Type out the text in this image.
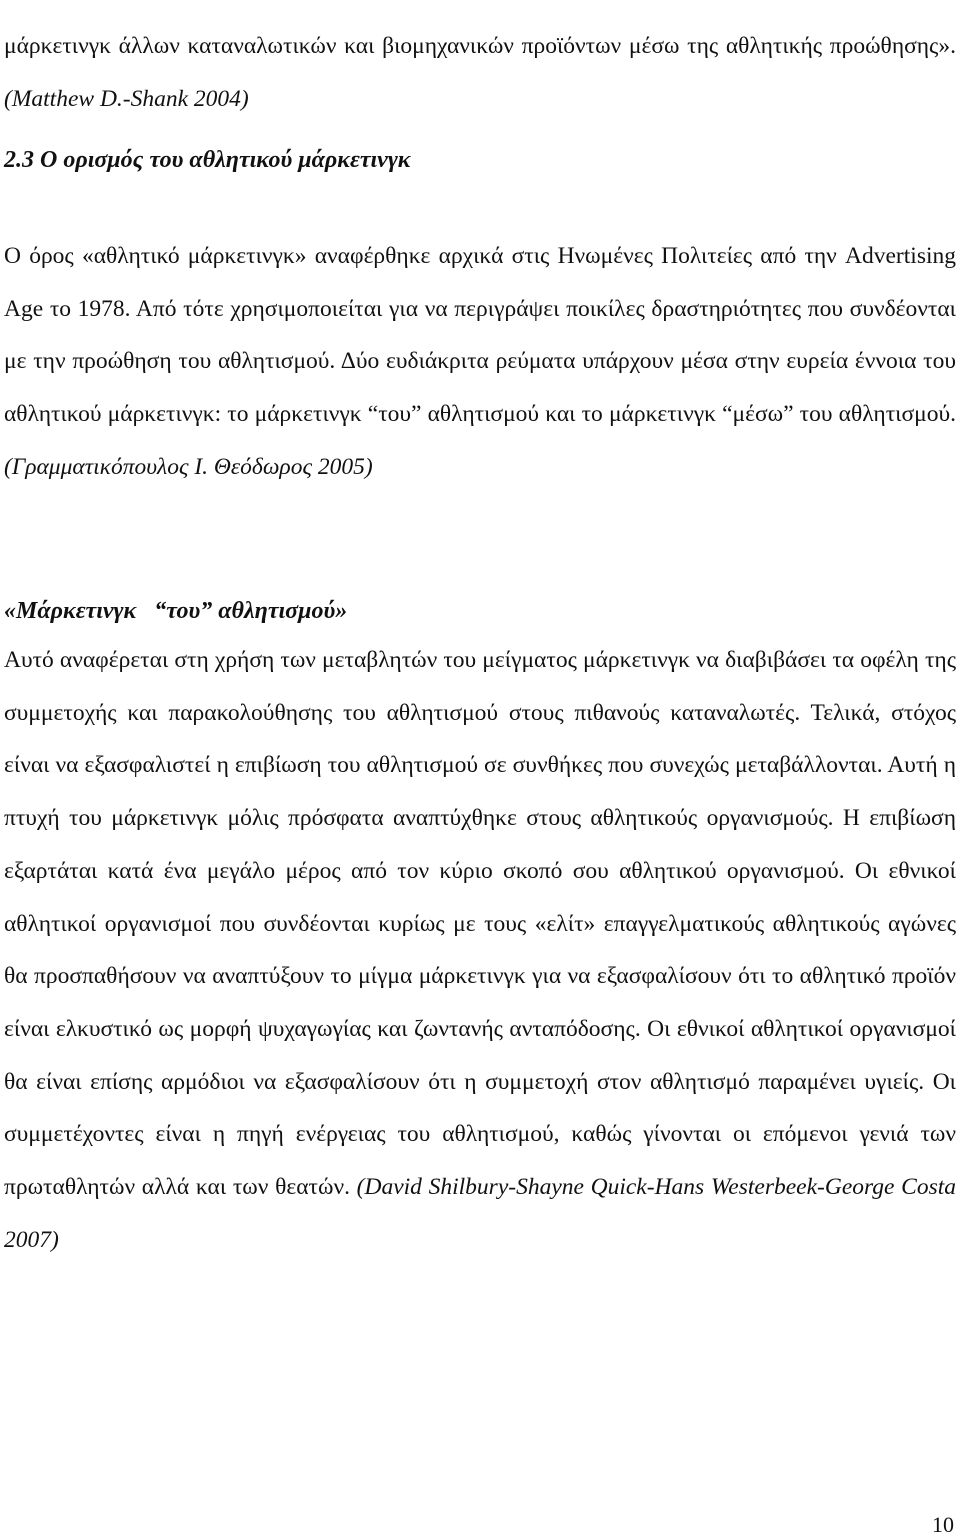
μάρκετινγκ άλλων καταναλωτικών και βιομηχανικών προϊόντων μέσω της αθλητικής προώθησης».(Matthew D.-Shank 2004)

2.3 Ο ορισμός του αθλητικού μάρκετινγκ

Ο όρος «αθλητικό μάρκετινγκ» αναφέρθηκε αρχικά στις Ηνωμένες Πολιτείες από την Advertising Age το 1978. Από τότε χρησιμοποιείται για να περιγράψει ποικίλες δραστηριότητες που συνδέονται με την προώθηση του αθλητισμού. Δύο ευδιάκριτα ρεύματα υπάρχουν μέσα στην ευρεία έννοια του αθλητικού μάρκετινγκ: το μάρκετινγκ “του” αθλητισμού και το μάρκετινγκ “μέσω” του αθλητισμού. (Γραμματικόπουλος Ι. Θεόδωρος 2005)

«Μάρκετινγκ   “του” αθλητισμού»

Αυτό αναφέρεται στη χρήση των μεταβλητών του μείγματος μάρκετινγκ να διαβιβάσει τα οφέλη της συμμετοχής και παρακολούθησης του αθλητισμού στους πιθανούς καταναλωτές. Τελικά, στόχος είναι να εξασφαλιστεί η επιβίωση του αθλητισμού σε συνθήκες που συνεχώς μεταβάλλονται. Αυτή η πτυχή του μάρκετινγκ μόλις πρόσφατα αναπτύχθηκε στους αθλητικούς οργανισμούς. Η επιβίωση εξαρτάται κατά ένα μεγάλο μέρος από τον κύριο σκοπό σου αθλητικού οργανισμού. Οι εθνικοί αθλητικοί οργανισμοί που συνδέονται κυρίως με τους «ελίτ» επαγγελματικούς αθλητικούς αγώνες θα προσπαθήσουν να αναπτύξουν το μίγμα μάρκετινγκ για να εξασφαλίσουν ότι το αθλητικό προϊόν είναι ελκυστικό ως μορφή ψυχαγωγίας και ζωντανής ανταπόδοσης. Οι εθνικοί αθλητικοί οργανισμοί θα είναι επίσης αρμόδιοι να εξασφαλίσουν ότι η συμμετοχή στον αθλητισμό παραμένει υγιείς. Οι συμμετέχοντες είναι η πηγή ενέργειας του αθλητισμού, καθώς γίνονται οι επόμενοι γενιά των πρωταθλητών αλλά και των θεατών. (David Shilbury-Shayne Quick-Hans Westerbeek-George Costa 2007)

10
